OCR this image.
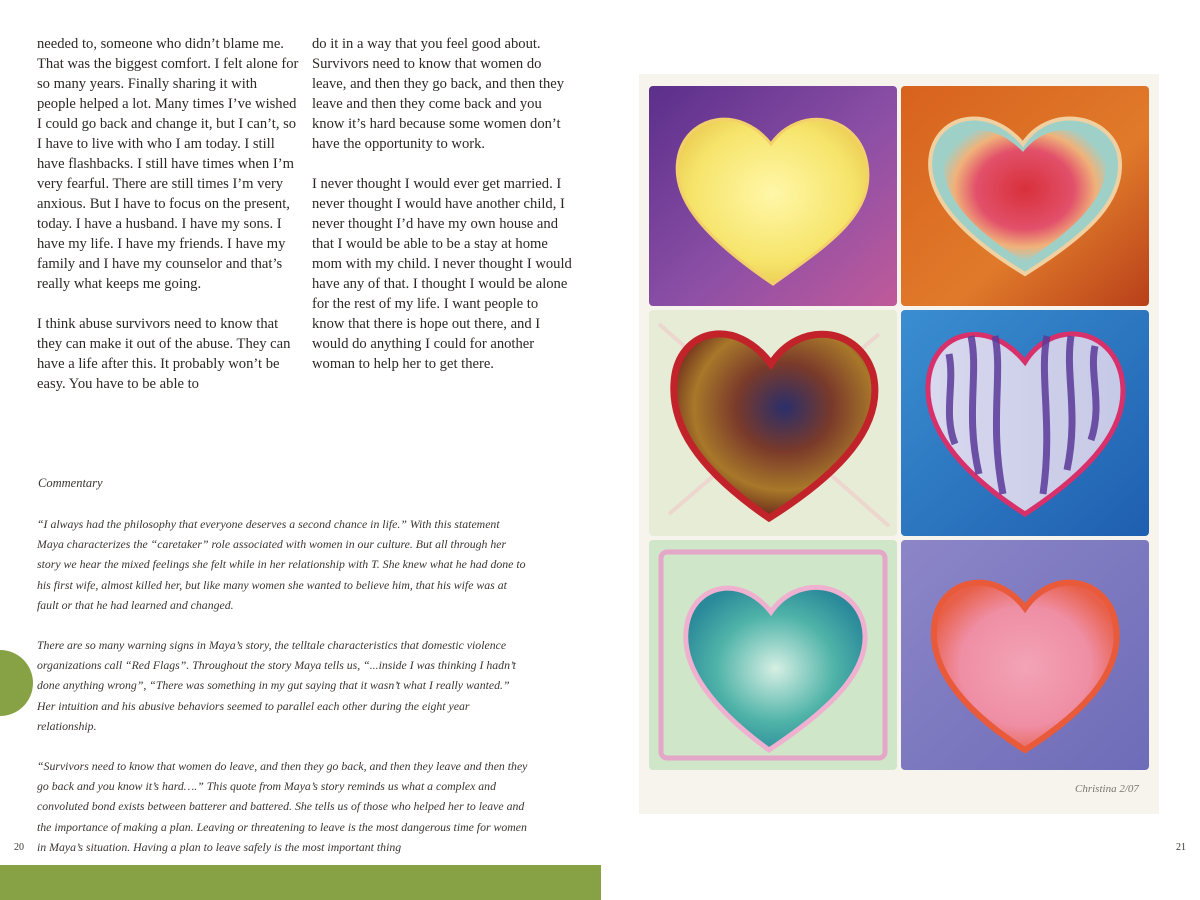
needed to, someone who didn’t blame me. That was the biggest comfort. I felt alone for so many years. Finally sharing it with people helped a lot. Many times I’ve wished I could go back and change it, but I can’t, so I have to live with who I am today. I still have flashbacks. I still have times when I’m very fearful. There are still times I’m very anxious. But I have to focus on the present, today. I have a husband. I have my sons. I have my life. I have my friends. I have my family and I have my counselor and that’s really what keeps me going.

I think abuse survivors need to know that they can make it out of the abuse. They can have a life after this. It probably won’t be easy. You have to be able to

do it in a way that you feel good about. Survivors need to know that women do leave, and then they go back, and then they leave and then they come back and you know it’s hard because some women don’t have the opportunity to work.

I never thought I would ever get married. I never thought I would have another child, I never thought I’d have my own house and that I would be able to be a stay at home mom with my child. I never thought I would have any of that. I thought I would be alone for the rest of my life. I want people to know that there is hope out there, and I would do anything I could for another woman to help her to get there.

Commentary

“I always had the philosophy that everyone deserves a second chance in life.” With this statement Maya characterizes the “caretaker” role associated with women in our culture. But all through her story we hear the mixed feelings she felt while in her relationship with T. She knew what he had done to his first wife, almost killed her, but like many women she wanted to believe him, that his wife was at fault or that he had learned and changed.

There are so many warning signs in Maya’s story, the telltale characteristics that domestic violence organizations call “Red Flags”. Throughout the story Maya tells us, “...inside I was thinking I hadn’t done anything wrong”, “There was something in my gut saying that it wasn’t what I really wanted.” Her intuition and his abusive behaviors seemed to parallel each other during the eight year relationship.

“Survivors need to know that women do leave, and then they go back, and then they leave and then they go back and you know it’s hard….” This quote from Maya’s story reminds us what a complex and convoluted bond exists between batterer and battered. She tells us of those who helped her to leave and the importance of making a plan. Leaving or threatening to leave is the most dangerous time for women in Maya’s situation. Having a plan to leave safely is the most important thing

20
Christina 2/07
21
